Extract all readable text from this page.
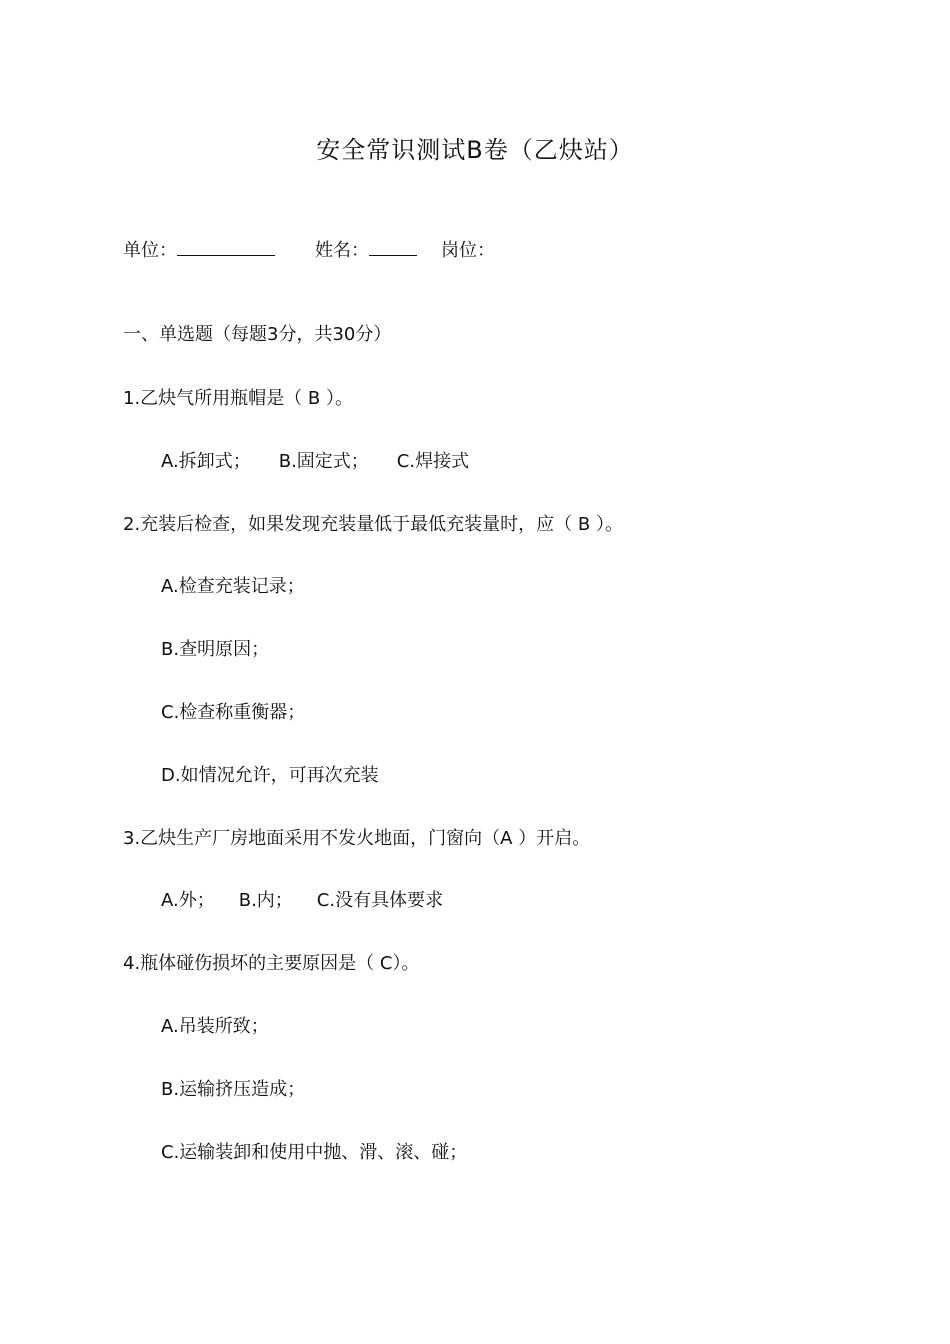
安全常识测试B卷（乙炔站）
单位：	姓名：	岗位：
一、单选题（每题3分，共30分）
1.乙炔气所用瓶帽是（ B ）。
A.拆卸式； B.固定式； C.焊接式
2.充装后检查，如果发现充装量低于最低充装量时，应（ B ）。
A.检查充装记录；
B.查明原因；
C.检查称重衡器；
D.如情况允许，可再次充装
3.乙炔生产厂房地面采用不发火地面，门窗向（A ）开启。
A.外； B.内； C.没有具体要求
4.瓶体碰伤损坏的主要原因是（ C）。
A.吊装所致；
B.运输挤压造成；
C.运输装卸和使用中抛、滑、滚、碰；
